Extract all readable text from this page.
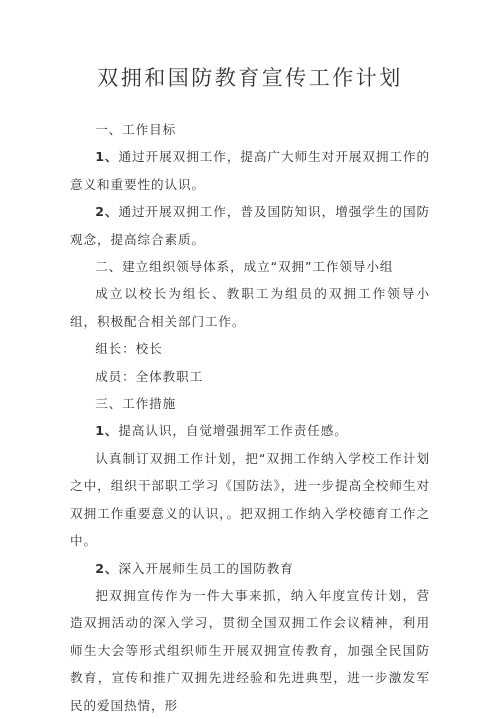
双拥和国防教育宣传工作计划
一、工作目标
1、通过开展双拥工作，提高广大师生对开展双拥工作的意义和重要性的认识。
2、通过开展双拥工作，普及国防知识，增强学生的国防观念，提高综合素质。
二、建立组织领导体系，成立“双拥”工作领导小组
成立以校长为组长、教职工为组员的双拥工作领导小组，积极配合相关部门工作。
组长：校长
成员：全体教职工
三、工作措施
1、提高认识，自觉增强拥军工作责任感。
认真制订双拥工作计划，把“双拥工作纳入学校工作计划之中，组织干部职工学习《国防法》，进一步提高全校师生对双拥工作重要意义的认识，。把双拥工作纳入学校德育工作之中。
2、深入开展师生员工的国防教育
把双拥宣传作为一件大事来抓，纳入年度宣传计划，营造双拥活动的深入学习，贯彻全国双拥工作会议精神，利用师生大会等形式组织师生开展双拥宣传教育，加强全民国防教育，宣传和推广双拥先进经验和先进典型，进一步激发军民的爱国热情，形
